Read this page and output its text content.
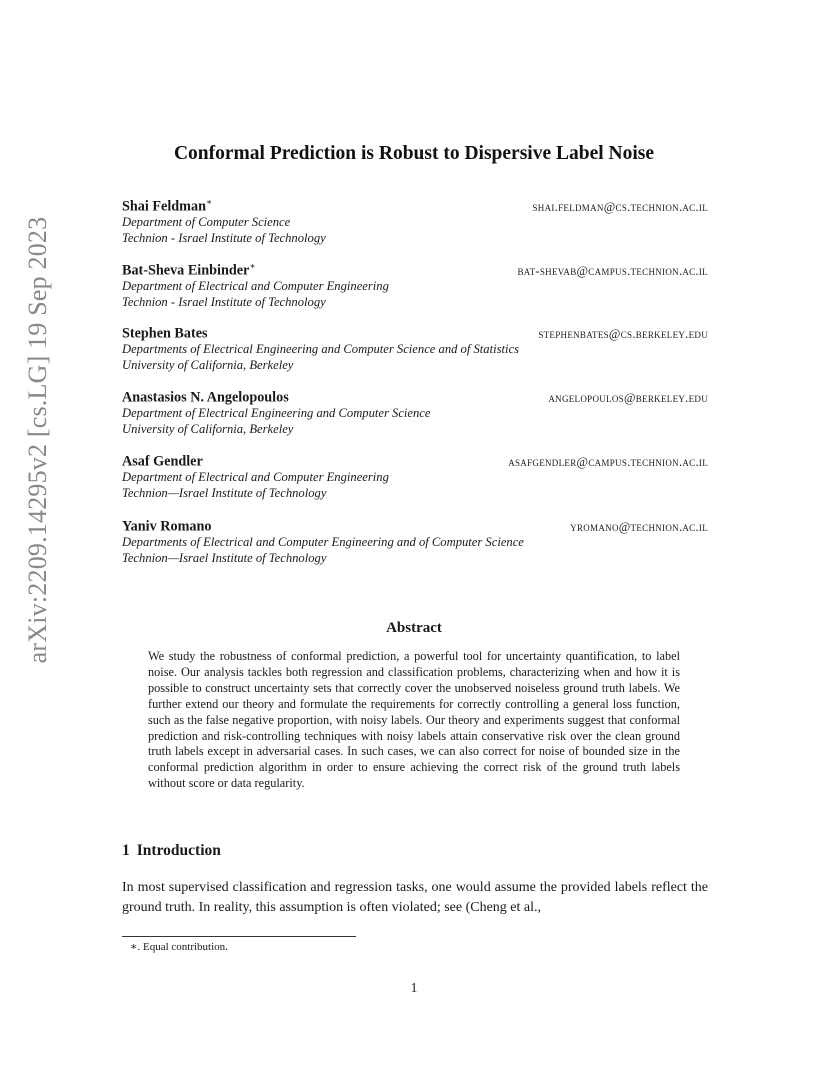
arXiv:2209.14295v2 [cs.LG] 19 Sep 2023
Conformal Prediction is Robust to Dispersive Label Noise
Shai Feldman∗	shai.feldman@cs.technion.ac.il
Department of Computer Science
Technion - Israel Institute of Technology
Bat-Sheva Einbinder∗	bat-shevab@campus.technion.ac.il
Department of Electrical and Computer Engineering
Technion - Israel Institute of Technology
Stephen Bates	stephenbates@cs.berkeley.edu
Departments of Electrical Engineering and Computer Science and of Statistics
University of California, Berkeley
Anastasios N. Angelopoulos	angelopoulos@berkeley.edu
Department of Electrical Engineering and Computer Science
University of California, Berkeley
Asaf Gendler	asafgendler@campus.technion.ac.il
Department of Electrical and Computer Engineering
Technion—Israel Institute of Technology
Yaniv Romano	yromano@technion.ac.il
Departments of Electrical and Computer Engineering and of Computer Science
Technion—Israel Institute of Technology
Abstract
We study the robustness of conformal prediction, a powerful tool for uncertainty quantification, to label noise. Our analysis tackles both regression and classification problems, characterizing when and how it is possible to construct uncertainty sets that correctly cover the unobserved noiseless ground truth labels. We further extend our theory and formulate the requirements for correctly controlling a general loss function, such as the false negative proportion, with noisy labels. Our theory and experiments suggest that conformal prediction and risk-controlling techniques with noisy labels attain conservative risk over the clean ground truth labels except in adversarial cases. In such cases, we can also correct for noise of bounded size in the conformal prediction algorithm in order to ensure achieving the correct risk of the ground truth labels without score or data regularity.
1 Introduction
In most supervised classification and regression tasks, one would assume the provided labels reflect the ground truth. In reality, this assumption is often violated; see (Cheng et al.,
∗. Equal contribution.
1
